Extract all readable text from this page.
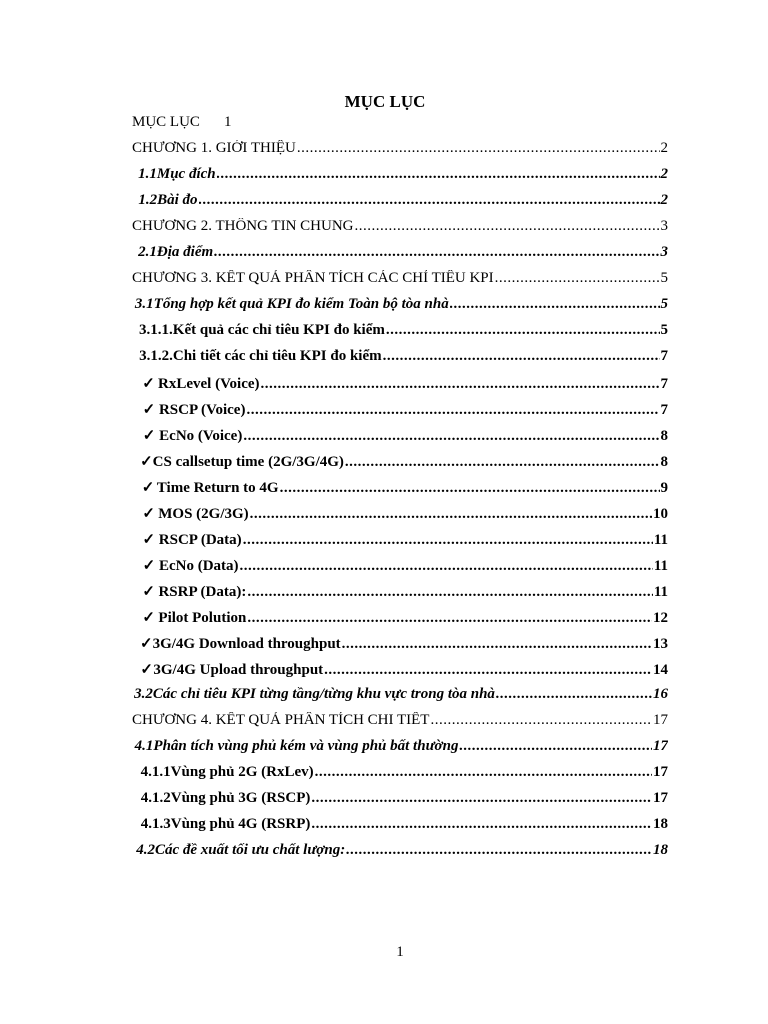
MỤC LỤC
MỤC LỤC 1
CHƯƠNG 1. GIỚI THIỆU .....	2
1.1 Mục đích .....	2
1.2 Bài đo .....	2
CHƯƠNG 2. THÔNG TIN CHUNG .....	3
2.1 Địa điểm .....	3
CHƯƠNG 3. KẾT QUẢ PHÂN TÍCH CÁC CHỈ TIÊU KPI .....	5
3.1 Tổng hợp kết quả KPI đo kiểm Toàn bộ tòa nhà .....	5
3.1.1. Kết quả các chỉ tiêu KPI đo kiểm .....	5
3.1.2. Chi tiết các chỉ tiêu KPI đo kiểm .....	7
✓ RxLevel (Voice) .....	7
✓ RSCP (Voice) .....	7
✓ EcNo (Voice) .....	8
✓ CS callsetup time (2G/3G/4G) .....	8
✓ Time Return to 4G .....	9
✓ MOS (2G/3G) .....	10
✓ RSCP (Data) .....	11
✓ EcNo (Data) .....	11
✓ RSRP (Data): .....	11
✓ Pilot Polution .....	12
✓ 3G/4G Download throughput .....	13
✓ 3G/4G Upload throughput .....	14
3.2 Các chỉ tiêu KPI từng tầng/từng khu vực trong tòa nhà .....	16
CHƯƠNG 4. KẾT QUẢ PHÂN TÍCH CHI TIẾT .....	17
4.1 Phân tích vùng phủ kém và vùng phủ bất thường .....	17
4.1.1 Vùng phủ 2G (RxLev) .....	17
4.1.2 Vùng phủ 3G (RSCP) .....	17
4.1.3 Vùng phủ 4G (RSRP) .....	18
4.2 Các đề xuất tối ưu chất lượng: .....	18
1
